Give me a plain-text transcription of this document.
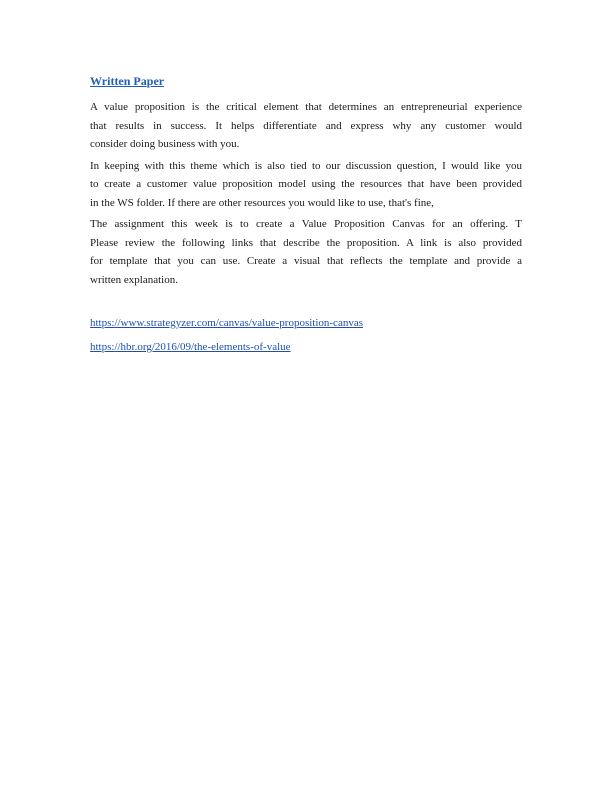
Written Paper

A value proposition is the critical element that determines an entrepreneurial experience
that results in success. It helps differentiate and express why any customer would
consider doing business with you.

In keeping with this theme which is also tied to our discussion question, I would like you
to create a customer value proposition model using the resources that have been provided
in the WS folder. If there are other resources you would like to use, that's fine,

The assignment this week is to create a Value Proposition Canvas for an offering. T
Please review the following links that describe the proposition. A link is also provided
for template that you can use. Create a visual that reflects the template and provide a
written explanation.

https://www.strategyzer.com/canvas/value-proposition-canvas
https://hbr.org/2016/09/the-elements-of-value
